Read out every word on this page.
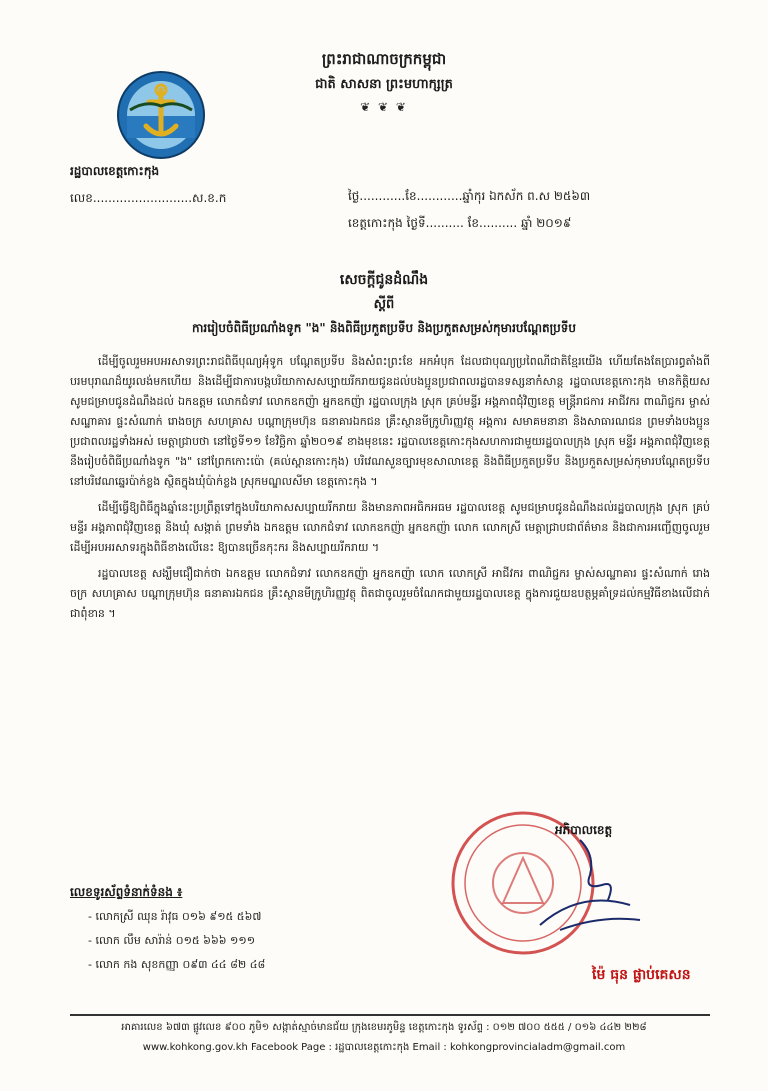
ព្រះរាជាណាចក្រកម្ពុជា
ជាតិ សាសនា ព្រះមហាក្សត្រ
❦ ❦ ❦
រដ្ឋបាលខេត្តកោះកុង
លេខ..........................ស.ខ.ក	ថ្ងៃ............ខែ............ឆ្នាំកុរ ឯកស័ក ព.ស ២៥៦៣
ខេត្តកោះកុង ថ្ងៃទី.......... ខែ.......... ឆ្នាំ ២០១៩
សេចក្តីជូនដំណឹង
ស្តីពី
ការរៀបចំពិធីប្រណាំងទូក "ង" និងពិធីប្រកួតប្រទីប និងប្រកួតសម្រស់កុមារបណ្តែតប្រទីប

ដើម្បីចូលរួមអបអរសាទរព្រះរាជពិធីបុណ្យអុំទូក បណ្តែតប្រទីប និងសំពះព្រះខែ អកអំបុក ដែលជាបុណ្យប្រពៃណីជាតិខ្មែរយើង ហើយតែងតែប្រារព្ធតាំងពីបរមបុរាណដ៏យូរលង់មកហើយ និងដើម្បីជាការបង្កបរិយាកាសសប្បាយរីករាយជូនដល់បងប្អូនប្រជាពលរដ្ឋបានទស្សនាកំសាន្ត រដ្ឋបាលខេត្តកោះកុង មានកិត្តិយសសូមជម្រាបជូនដំណឹងដល់ ឯកឧត្តម លោកជំទាវ លោកឧកញ៉ា អ្នកឧកញ៉ា រដ្ឋបាលក្រុង ស្រុក គ្រប់មន្ទីរ អង្គភាពជុំវិញខេត្ត មន្ត្រីរាជការ អាជីវករ ពាណិជ្ជករ ម្ចាស់សណ្ឋាគារ ផ្ទះសំណាក់ រោងចក្រ សហគ្រាស បណ្តាក្រុមហ៊ុន ធនាគារឯកជន គ្រឹះស្ថានមីក្រូហិរញ្ញវត្ថុ អង្គការ សមាគមនានា និងសាធារណជន ព្រមទាំងបងប្អូនប្រជាពលរដ្ឋទាំងអស់ មេត្តាជ្រាបថា នៅថ្ងៃទី១១ ខែវិច្ឆិកា ឆ្នាំ២០១៩ ខាងមុខនេះ រដ្ឋបាលខេត្តកោះកុងសហការជាមួយរដ្ឋបាលក្រុង ស្រុក មន្ទីរ អង្គភាពជុំវិញខេត្តនឹងរៀបចំពិធីប្រណាំងទូក "ង" នៅព្រែកកោះប៉ោ (គល់ស្ពានកោះកុង) បរិវេណសួនច្បារមុខសាលាខេត្ត និងពិធីប្រកួតប្រទីប និងប្រកួតសម្រស់កុមារបណ្តែតប្រទីប នៅបរិវេណឆ្នេរប៉ាក់ខ្លង ស្ថិតក្នុងឃុំប៉ាក់ខ្លង ស្រុកមណ្ឌលសីមា ខេត្តកោះកុង ។

ដើម្បីធ្វើឱ្យពិធីក្នុងឆ្នាំនេះប្រព្រឹត្តទៅក្នុងបរិយាកាសសប្បាយរីករាយ និងមានភាពអធិកអធម រដ្ឋបាលខេត្ត សូមជម្រាបជូនដំណឹងដល់រដ្ឋបាលក្រុង ស្រុក គ្រប់មន្ទីរ អង្គភាពជុំវិញខេត្ត និងឃុំ សង្កាត់ ព្រមទាំង ឯកឧត្តម លោកជំទាវ លោកឧកញ៉ា អ្នកឧកញ៉ា លោក លោកស្រី មេត្តាជ្រាបជាព័ត៌មាន និងជាការអញ្ជើញចូលរួម ដើម្បីអបអរសាទរក្នុងពិធីខាងលើនេះ ឱ្យបានច្រើនកុះករ និងសប្បាយរីករាយ ។

រដ្ឋបាលខេត្ត សង្ឃឹមជឿជាក់ថា ឯកឧត្តម លោកជំទាវ លោកឧកញ៉ា អ្នកឧកញ៉ា លោក លោកស្រី អាជីវករ ពាណិជ្ជករ ម្ចាស់សណ្ឋាគារ ផ្ទះសំណាក់ រោងចក្រ សហគ្រាស បណ្តាក្រុមហ៊ុន ធនាគារឯកជន គ្រឹះស្ថានមីក្រូហិរញ្ញវត្ថុ ពិតជាចូលរួមចំណែកជាមួយរដ្ឋបាលខេត្ត ក្នុងការជួយឧបត្ថម្ភគាំទ្រដល់កម្មវិធីខាងលើជាក់ជាពុំខាន ។

អភិបាលខេត្ត
ម៉ៃ ធុន ផ្លាប់គេសន
លេខទូរស័ព្ទទំនាក់ទំនង ៖
- លោកស្រី ឈុន រ៉ាវុធ ០១៦ ៩១៥ ៥៦៧
- លោក លឹម សារ៉ាន់ ០១៥ ៦៦៦ ១១១
- លោក កង សុខកញ្ញា ០៩៣ ៤៤ ៨២ ៤៨
អាគារលេខ ៦៧៣ ផ្លូវលេខ ៩០០ ភូមិ១ សង្កាត់ស្មាច់មានជ័យ ក្រុងខេមរភូមិន្ទ ខេត្តកោះកុង ទូរស័ព្ទ : ០១២ ៧០០ ៥៥៥ / ០១៦ ៤៤២ ២២៨
www.kohkong.gov.kh Facebook Page : រដ្ឋបាលខេត្តកោះកុង Email : kohkongprovincialadm@gmail.com
